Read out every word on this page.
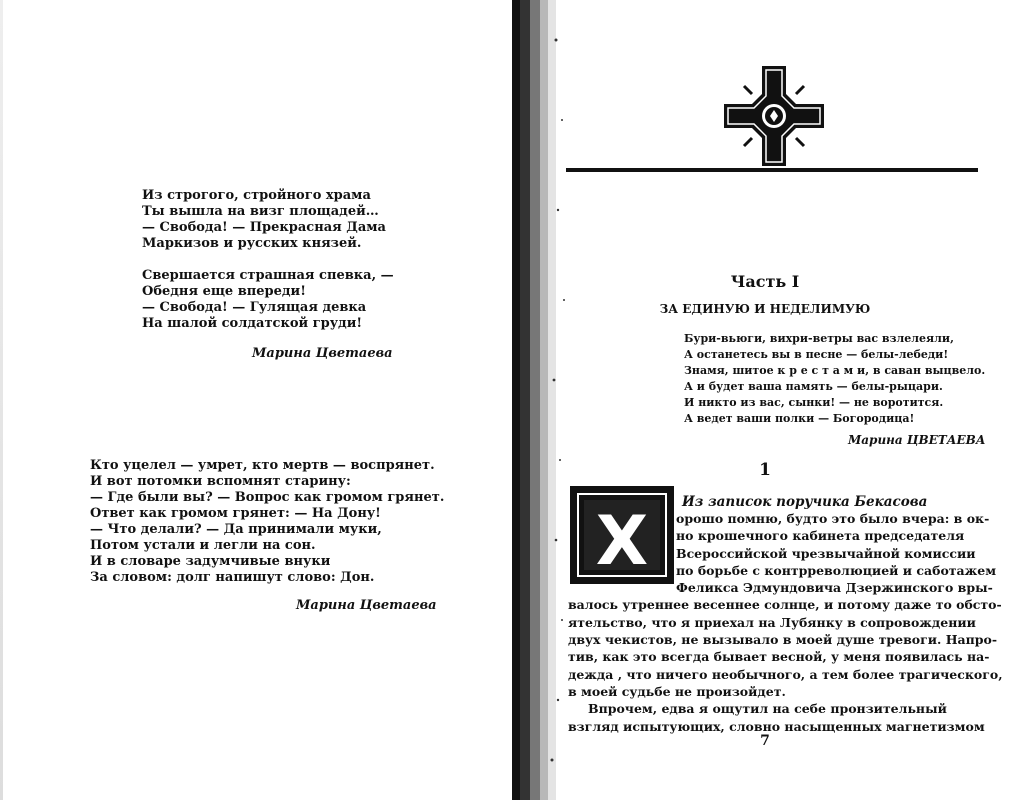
Из строгого, стройного храма
Ты вышла на визг площадей…
— Свобода! — Прекрасная Дама
Маркизов и русских князей.
Свершается страшная спевка, —
Обедня еще впереди!
— Свобода! — Гулящая девка
На шалой солдатской груди!
Марина Цветаева
Кто уцелел — умрет, кто мертв — воспрянет.
И вот потомки вспомнят старину:
— Где были вы? — Вопрос как громом грянет.
Ответ как громом грянет: — На Дону!
— Что делали? — Да принимали муки,
Потом устали и легли на сон.
И в словаре задумчивые внуки
За словом: долг напишут слово: Дон.
Марина Цветаева
Часть I
ЗА ЕДИНУЮ И НЕДЕЛИМУЮ
Бури-вьюги, вихри-ветры вас взлелеяли,
А останетесь вы в песне — белы-лебеди!
Знамя, шитое к р е с т а м и, в саван выцвело.
А и будет ваша память — белы-рыцари.
И никто из вас, сынки! — не воротится.
А ведет ваши полки — Богородица!
Марина ЦВЕТАЕВА
1
Х	Из записок поручика Бекасова
орошо помню, будто это было вчера: в ок-
но крошечного кабинета председателя
Всероссийской чрезвычайной комиссии
по борьбе с контрреволюцией и саботажем
Феликса Эдмундовича Дзержинского вры-
валось утреннее весеннее солнце, и потому даже то обсто-
ятельство, что я приехал на Лубянку в сопровождении
двух чекистов, не вызывало в моей душе тревоги. Напро-
тив, как это всегда бывает весной, у меня появилась на-
дежда , что ничего необычного, а тем более трагического,
в моей судьбе не произойдет.
Впрочем, едва я ощутил на себе пронзительный
взгляд испытующих, словно насыщенных магнетизмом
7
